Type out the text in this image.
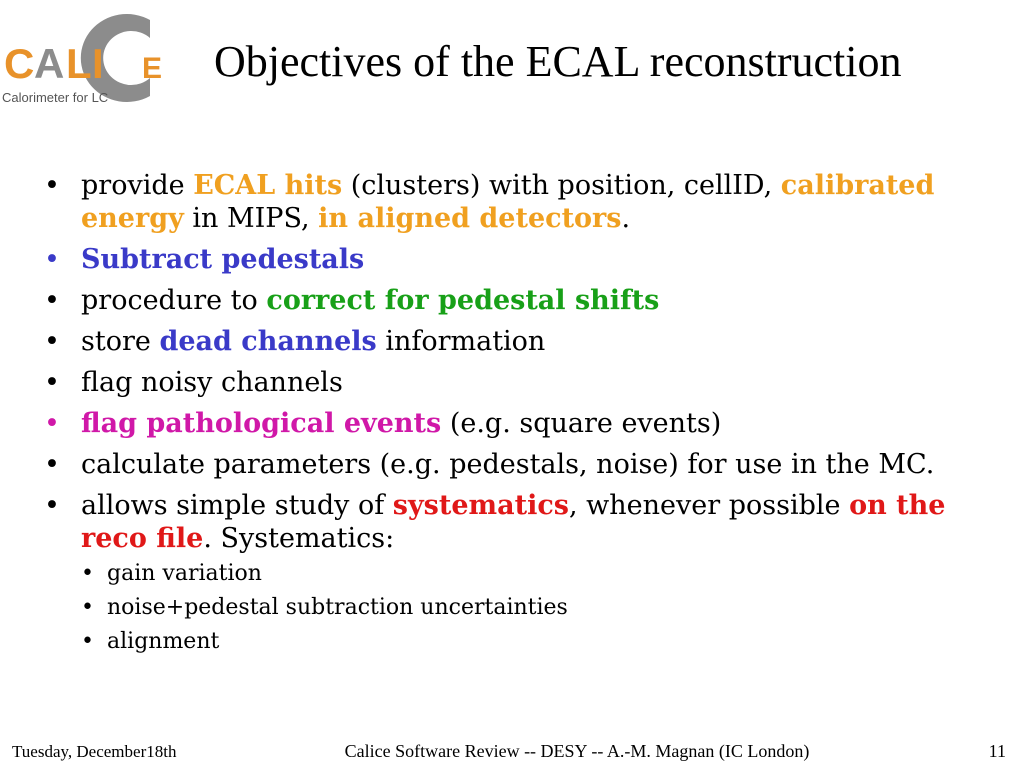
C A L I E
Calorimeter for LC
Objectives of the ECAL reconstruction
• provide ECAL hits (clusters) with position, cellID, calibrated energy in MIPS, in aligned detectors.
• Subtract pedestals
• procedure to correct for pedestal shifts
• store dead channels information
• flag noisy channels
• flag pathological events (e.g. square events)
• calculate parameters (e.g. pedestals, noise) for use in the MC.
• allows simple study of systematics, whenever possible on the reco file. Systematics:
• gain variation
• noise+pedestal subtraction uncertainties
• alignment
Tuesday, December18th	Calice Software Review -- DESY -- A.-M. Magnan (IC London)	11
